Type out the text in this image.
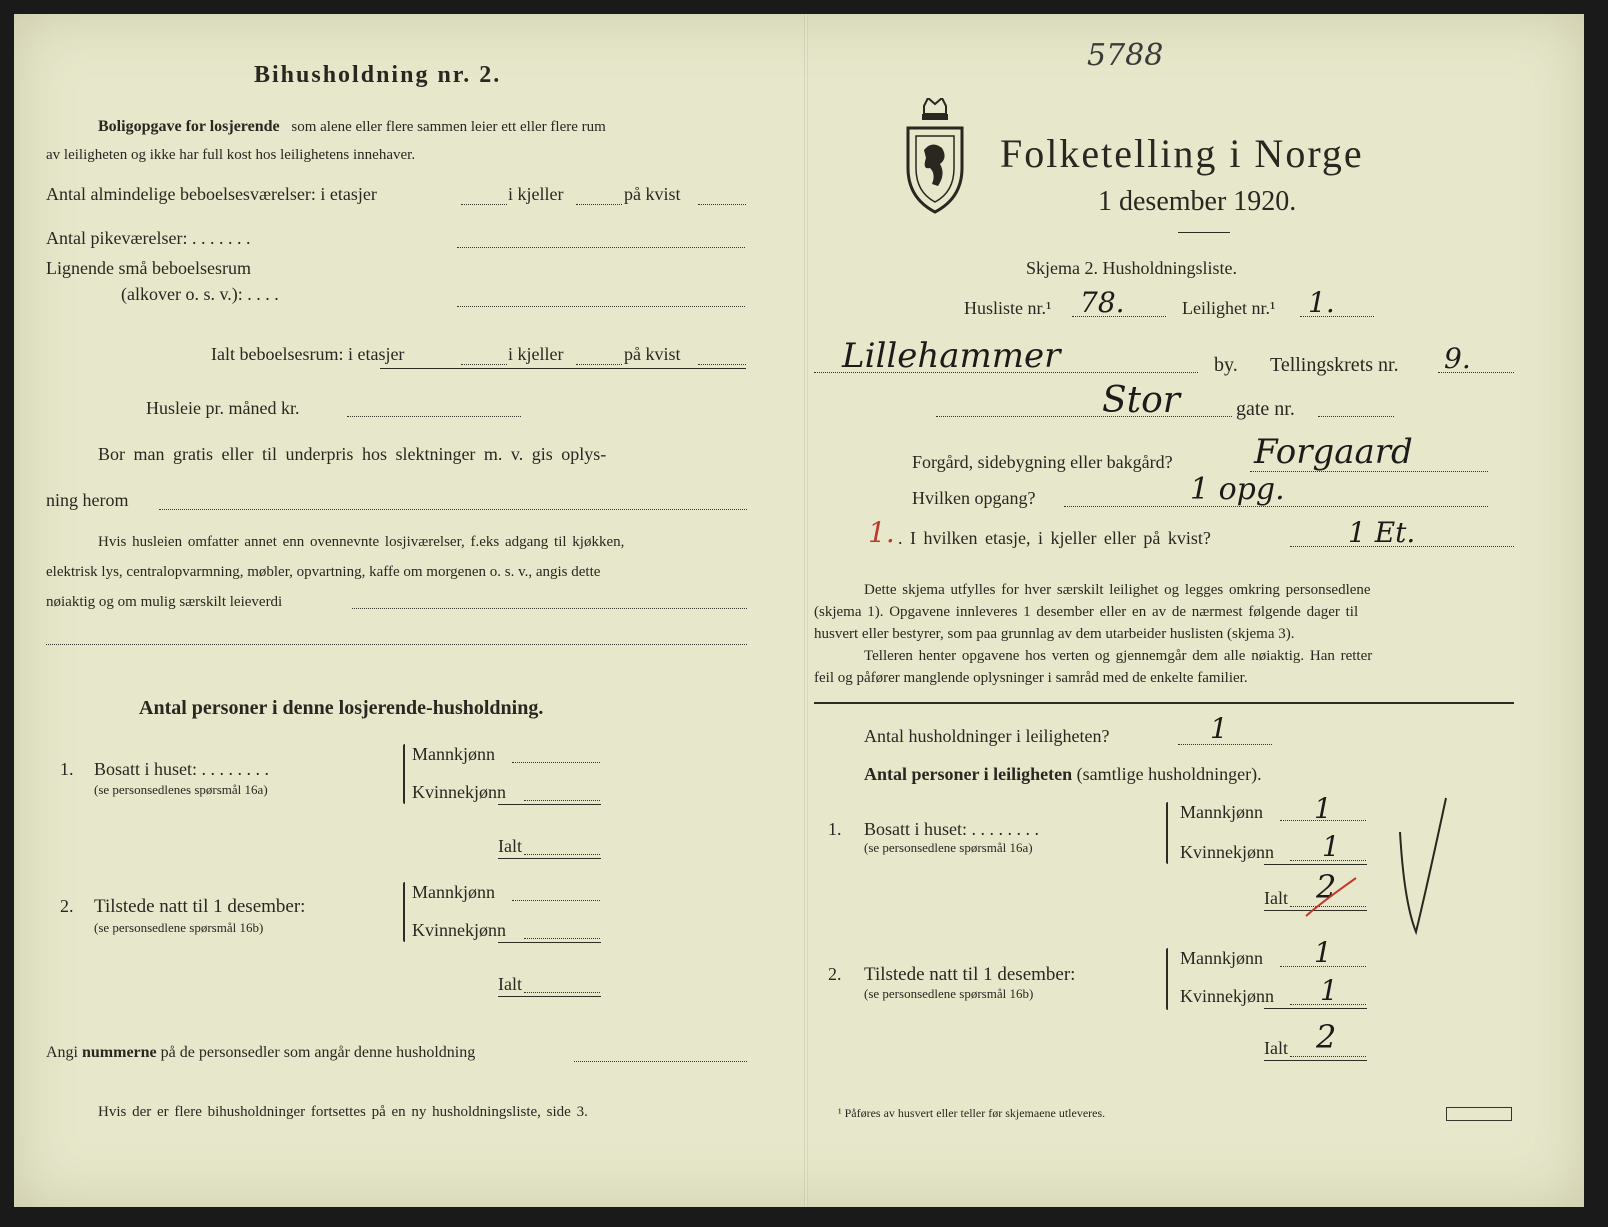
Bihusholdning nr. 2.
Boligopgave for losjerende som alene eller flere sammen leier ett eller flere rum
av leiligheten og ikke har full kost hos leilighetens innehaver.
Antal almindelige beboelsesværelser: i etasjer	i kjeller	på kvist
Antal pikeværelser: . . . . . . .
Lignende små beboelsesrum
(alkover o. s. v.): . . . .
Ialt beboelsesrum: i etasjer	i kjeller	på kvist
Husleie pr. måned kr.
Bor man gratis eller til underpris hos slektninger m. v. gis oplys-
ning herom
Hvis husleien omfatter annet enn ovennevnte losjiværelser, f.eks adgang til kjøkken,
elektrisk lys, centralopvarmning, møbler, opvartning, kaffe om morgenen o. s. v., angis dette
nøiaktig og om mulig særskilt leieverdi
Antal personer i denne losjerende-husholdning.
1. Bosatt i huset: . . . . . . . .
(se personsedlenes spørsmål 16a)
Mannkjønn
Kvinnekjønn
Ialt
2. Tilstede natt til 1 desember:
(se personsedlene spørsmål 16b)
Mannkjønn
Kvinnekjønn
Ialt
Angi nummerne på de personsedler som angår denne husholdning
Hvis der er flere bihusholdninger fortsettes på en ny husholdningsliste, side 3.
5788
Folketelling i Norge
1 desember 1920.
Skjema 2. Husholdningsliste.
Husliste nr.¹ 78.	Leilighet nr.¹ 1.
Lillehammer	by. Tellingskrets nr. 9.
Stor	gate nr.
Forgård, sidebygning eller bakgård? Forgaard
Hvilken opgang?	1 opg.
1. . I hvilken etasje, i kjeller eller på kvist?	1 Et.
Dette skjema utfylles for hver særskilt leilighet og legges omkring personsedlene
(skjema 1). Opgavene innleveres 1 desember eller en av de nærmest følgende dager til
husvert eller bestyrer, som paa grunnlag av dem utarbeider huslisten (skjema 3).
Telleren henter opgavene hos verten og gjennemgår dem alle nøiaktig. Han retter
feil og påfører manglende oplysninger i samråd med de enkelte familier.
Antal husholdninger i leiligheten?	1
Antal personer i leiligheten (samtlige husholdninger).
1. Bosatt i huset: . . . . . . . .
(se personsedlene spørsmål 16a)
Mannkjønn 1
Kvinnekjønn 1
Ialt 2
2. Tilstede natt til 1 desember:
(se personsedlene spørsmål 16b)
Mannkjønn 1
Kvinnekjønn 1
Ialt 2
¹ Påføres av husvert eller teller før skjemaene utleveres.
